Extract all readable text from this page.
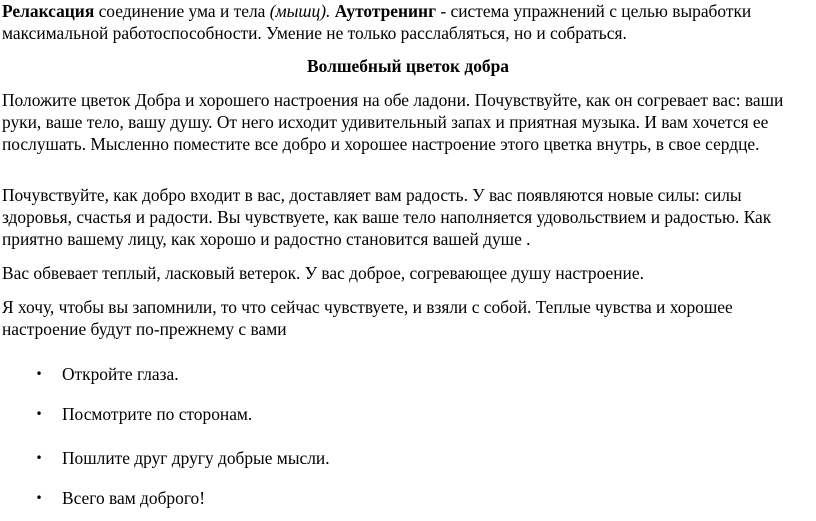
Релаксация соединение ума и тела (мышц). Аутотренинг - система упражнений с целью выработки максимальной работоспособности. Умение не только расслабляться, но и собраться.

Волшебный цветок добра

Положите цветок Добра и хорошего настроения на обе ладони. Почувствуйте, как он согревает вас: ваши руки, ваше тело, вашу душу. От него исходит удивительный запах и приятная музыка. И вам хочется ее послушать. Мысленно поместите все добро и хорошее настроение этого цветка внутрь, в свое сердце.

Почувствуйте, как добро входит в вас, доставляет вам радость. У вас появляются новые силы: силы здоровья, счастья и радости. Вы чувствуете, как ваше тело наполняется удовольствием и радостью. Как приятно вашему лицу, как хорошо и радостно становится вашей душе .

Вас обвевает теплый, ласковый ветерок. У вас доброе, согревающее душу настроение.

Я хочу, чтобы вы запомнили, то что сейчас чувствуете, и взяли с собой. Теплые чувства и хорошее настроение будут по-прежнему с вами

• Откройте глаза.
• Посмотрите по сторонам.
• Пошлите друг другу добрые мысли.
• Всего вам доброго!
